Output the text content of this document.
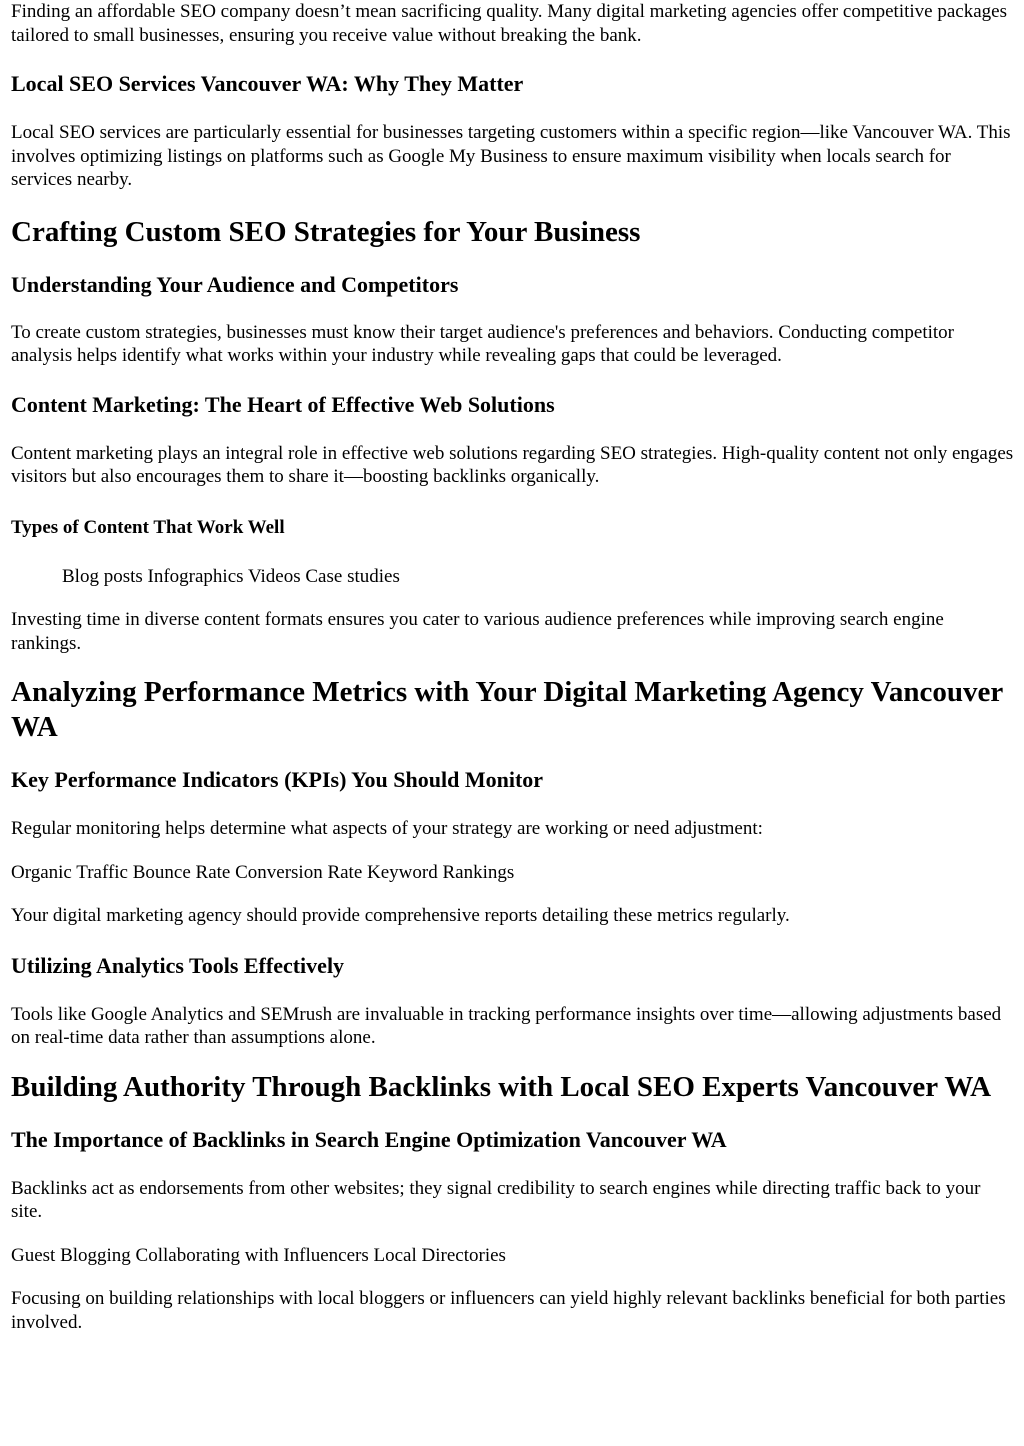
Finding an affordable SEO company doesn’t mean sacrificing quality. Many digital marketing agencies offer competitive packages tailored to small businesses, ensuring you receive value without breaking the bank.

Local SEO Services Vancouver WA: Why They Matter

Local SEO services are particularly essential for businesses targeting customers within a specific region—like Vancouver WA. This involves optimizing listings on platforms such as Google My Business to ensure maximum visibility when locals search for services nearby.

Crafting Custom SEO Strategies for Your Business
Understanding Your Audience and Competitors

To create custom strategies, businesses must know their target audience's preferences and behaviors. Conducting competitor analysis helps identify what works within your industry while revealing gaps that could be leveraged.

Content Marketing: The Heart of Effective Web Solutions

Content marketing plays an integral role in effective web solutions regarding SEO strategies. High-quality content not only engages visitors but also encourages them to share it—boosting backlinks organically.

Types of Content That Work Well

Blog posts Infographics Videos Case studies

Investing time in diverse content formats ensures you cater to various audience preferences while improving search engine rankings.

Analyzing Performance Metrics with Your Digital Marketing Agency Vancouver WA
Key Performance Indicators (KPIs) You Should Monitor

Regular monitoring helps determine what aspects of your strategy are working or need adjustment:

Organic Traffic Bounce Rate Conversion Rate Keyword Rankings

Your digital marketing agency should provide comprehensive reports detailing these metrics regularly.

Utilizing Analytics Tools Effectively

Tools like Google Analytics and SEMrush are invaluable in tracking performance insights over time—allowing adjustments based on real-time data rather than assumptions alone.

Building Authority Through Backlinks with Local SEO Experts Vancouver WA
The Importance of Backlinks in Search Engine Optimization Vancouver WA

Backlinks act as endorsements from other websites; they signal credibility to search engines while directing traffic back to your site.

Guest Blogging Collaborating with Influencers Local Directories

Focusing on building relationships with local bloggers or influencers can yield highly relevant backlinks beneficial for both parties involved.
